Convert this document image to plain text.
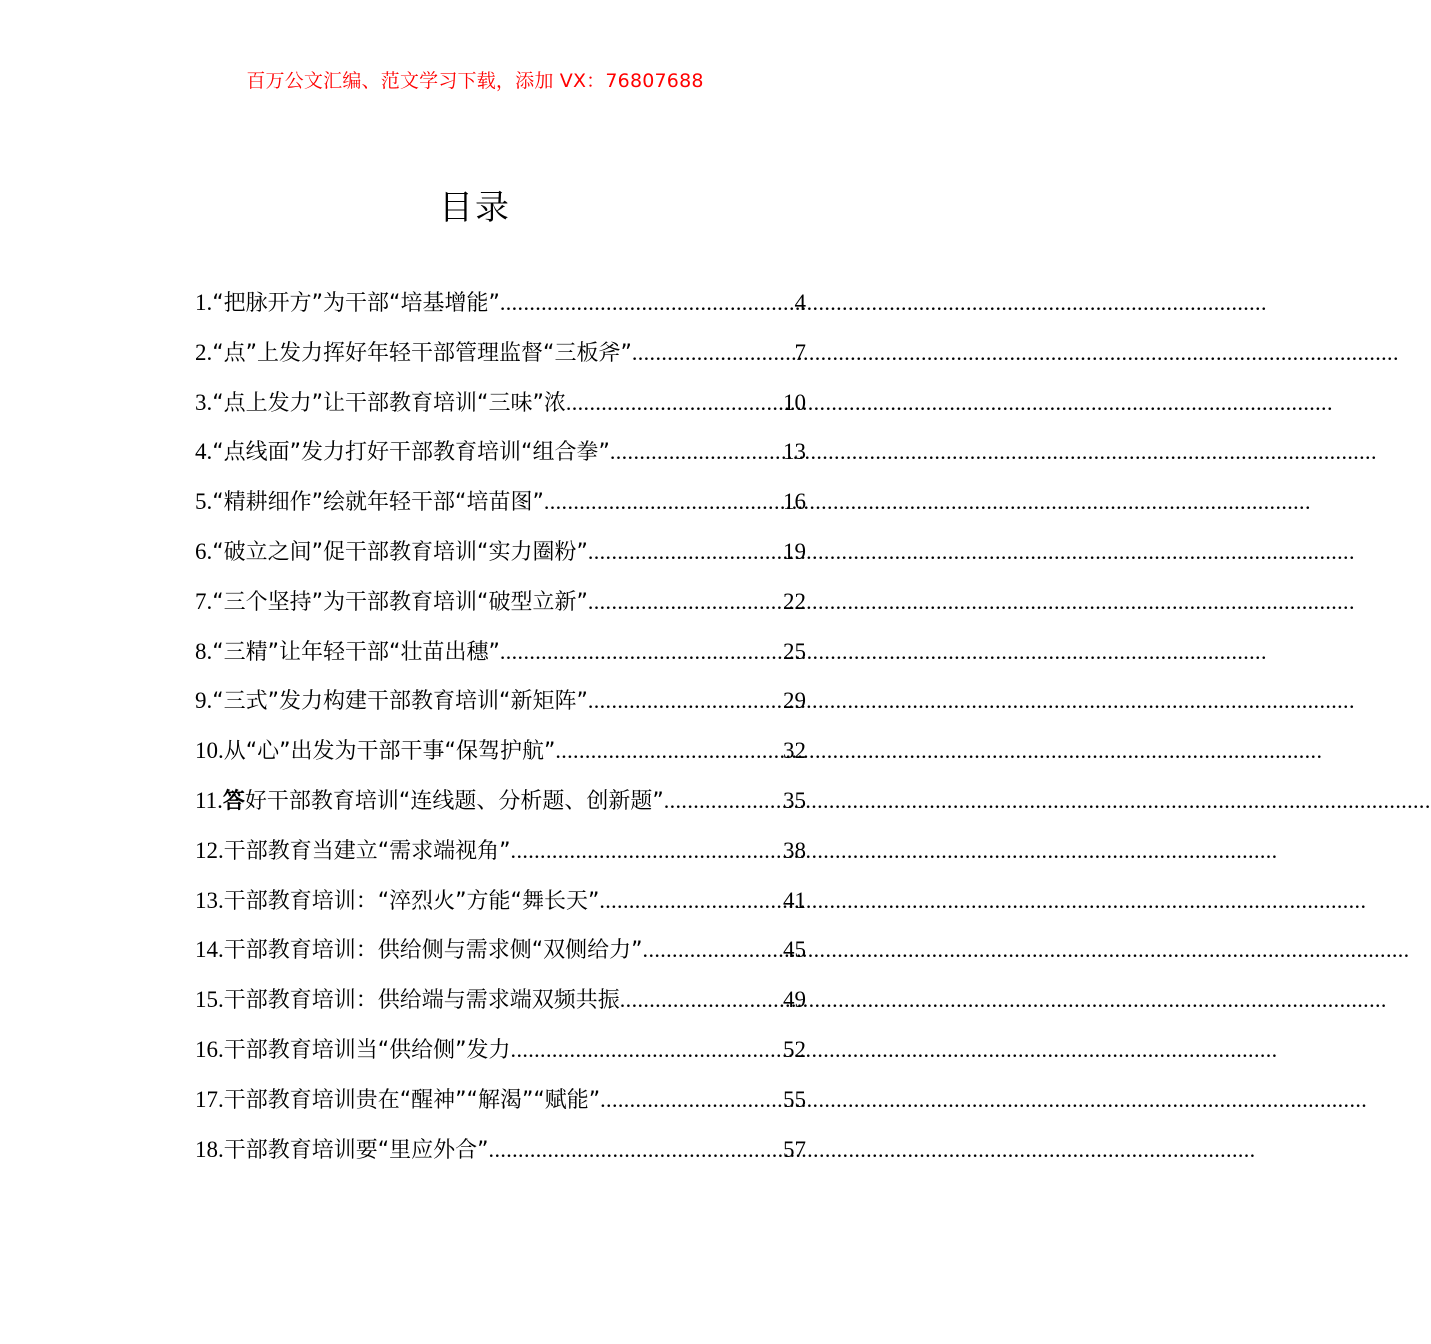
百万公文汇编、范文学习下载，添加 VX：76807688
目录
1. “把脉开方”为干部“培基增能” .....	4
2. “点”上发力挥好年轻干部管理监督“三板斧” .....	7
3. “点上发力”让干部教育培训“三味”浓 .....	10
4. “点线面”发力打好干部教育培训“组合拳” .....	13
5. “精耕细作”绘就年轻干部“培苗图” .....	16
6. “破立之间”促干部教育培训“实力圈粉” .....	19
7. “三个坚持”为干部教育培训“破型立新” .....	22
8. “三精”让年轻干部“壮苗出穗” .....	25
9. “三式”发力构建干部教育培训“新矩阵” .....	29
10. 从“心”出发为干部干事“保驾护航” .....	32
11. 答 好干部教育培训“连线题、分析题、创新题” .....	35
12. 干部教育当建立“需求端视角” .....	38
13. 干部教育培训：“淬烈火”方能“舞长天” .....	41
14. 干部教育培训：供给侧与需求侧“双侧给力” .....	45
15. 干部教育培训：供给端与需求端双频共振 .....	49
16. 干部教育培训当“供给侧”发力 .....	52
17. 干部教育培训贵在“醒神”“解渴”“赋能” .....	55
18. 干部教育培训要“里应外合” .....	57
